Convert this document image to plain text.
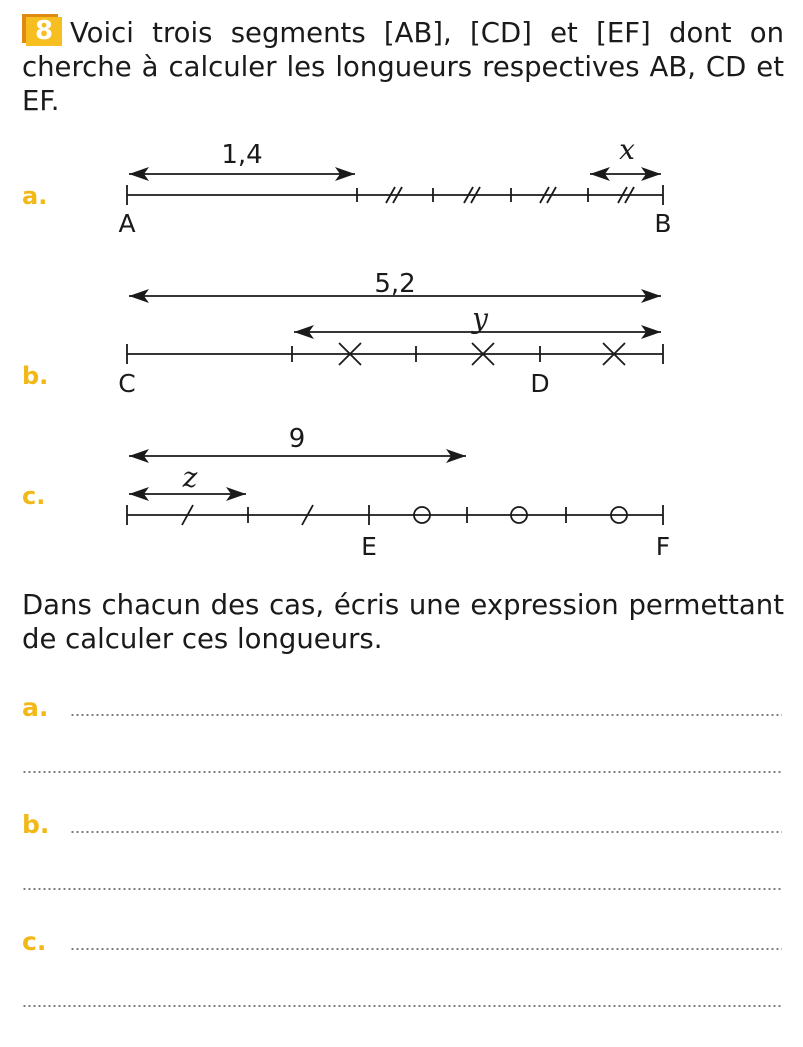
8 Voici trois segments [AB], [CD] et [EF] dont on cherche à calculer les longueurs respectives AB, CD et EF.
a.
b.
c.
1,4	x
A	B
5,2
y
C	D
9
z
E	F
Dans chacun des cas, écris une expression permettant de calculer ces longueurs.
a.
b.
c.
